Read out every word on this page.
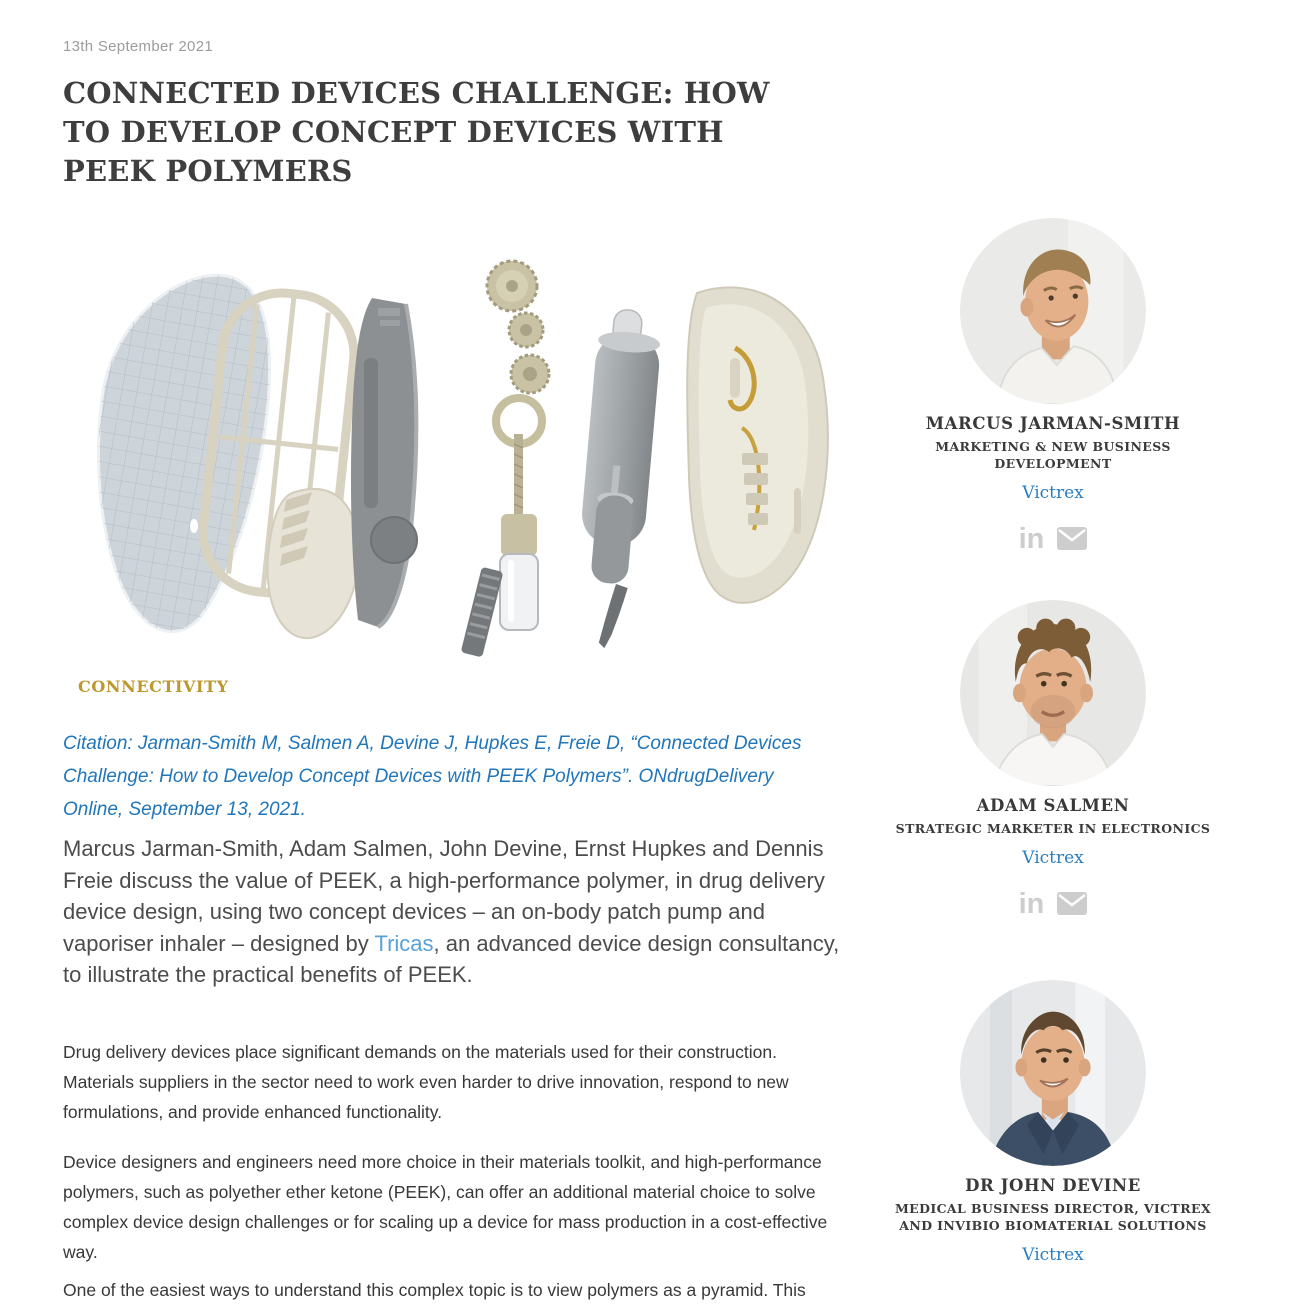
13th September 2021
CONNECTED DEVICES CHALLENGE: HOW TO DEVELOP CONCEPT DEVICES WITH PEEK POLYMERS
CONNECTIVITY

Citation: Jarman-Smith M, Salmen A, Devine J, Hupkes E, Freie D, “Connected Devices Challenge: How to Develop Concept Devices with PEEK Polymers”. ONdrugDelivery Online, September 13, 2021.

Marcus Jarman-Smith, Adam Salmen, John Devine, Ernst Hupkes and Dennis Freie discuss the value of PEEK, a high-performance polymer, in drug delivery device design, using two concept devices – an on-body patch pump and vaporiser inhaler – designed by Tricas, an advanced device design consultancy, to illustrate the practical benefits of PEEK.

Drug delivery devices place significant demands on the materials used for their construction. Materials suppliers in the sector need to work even harder to drive innovation, respond to new formulations, and provide enhanced functionality.

Device designers and engineers need more choice in their materials toolkit, and high-performance polymers, such as polyether ether ketone (PEEK), can offer an additional material choice to solve complex device design challenges or for scaling up a device for mass production in a cost-effective way.

One of the easiest ways to understand this complex topic is to view polymers as a pyramid. This

MARCUS JARMAN-SMITH
MARKETING & NEW BUSINESS DEVELOPMENT
Victrex
in
ADAM SALMEN
STRATEGIC MARKETER IN ELECTRONICS
Victrex
in
DR JOHN DEVINE
MEDICAL BUSINESS DIRECTOR, VICTREX AND INVIBIO BIOMATERIAL SOLUTIONS
Victrex
